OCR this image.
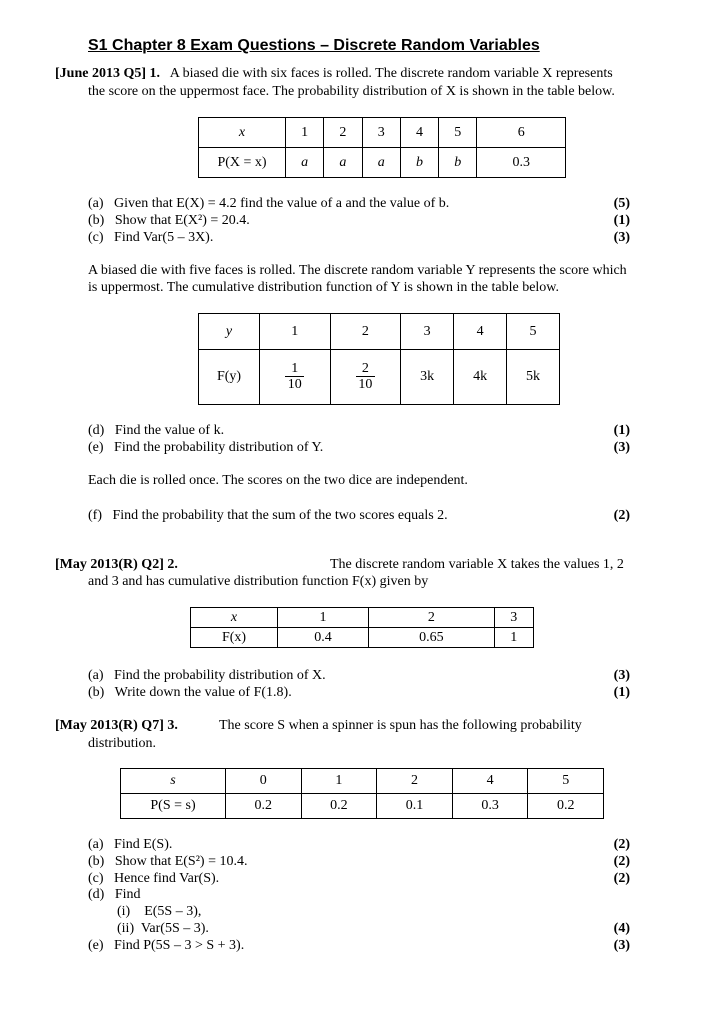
S1 Chapter 8 Exam Questions – Discrete Random Variables
[June 2013 Q5] 1. A biased die with six faces is rolled. The discrete random variable X represents
the score on the uppermost face. The probability distribution of X is shown in the table below.
x	1	2	3	4	5	6
P(X = x)	a	a	a	b	b	0.3
(a) Given that E(X) = 4.2 find the value of a and the value of b.	(5)
(b) Show that E(X²) = 20.4.	(1)
(c) Find Var(5 – 3X).	(3)
A biased die with five faces is rolled. The discrete random variable Y represents the score which
is uppermost. The cumulative distribution function of Y is shown in the table below.
y	1	2	3	4	5
F(y)	$\frac{1}{10}$	$\frac{2}{10}$	3k	4k	5k
(d) Find the value of k.	(1)
(e) Find the probability distribution of Y.	(3)
Each die is rolled once. The scores on the two dice are independent.
(f) Find the probability that the sum of the two scores equals 2.	(2)
[May 2013(R) Q2] 2.	The discrete random variable X takes the values 1, 2
and 3 and has cumulative distribution function F(x) given by
x	1	2	3
F(x)	0.4	0.65	1
(a) Find the probability distribution of X.	(3)
(b) Write down the value of F(1.8).	(1)
[May 2013(R) Q7] 3.	The score S when a spinner is spun has the following probability
distribution.
s	0	1	2	4	5
P(S = s)	0.2	0.2	0.1	0.3	0.2
(a) Find E(S).	(2)
(b) Show that E(S²) = 10.4.	(2)
(c) Hence find Var(S).	(2)
(d) Find
(i) E(5S – 3),
(ii) Var(5S – 3).	(4)
(e) Find P(5S – 3 > S + 3).	(3)
